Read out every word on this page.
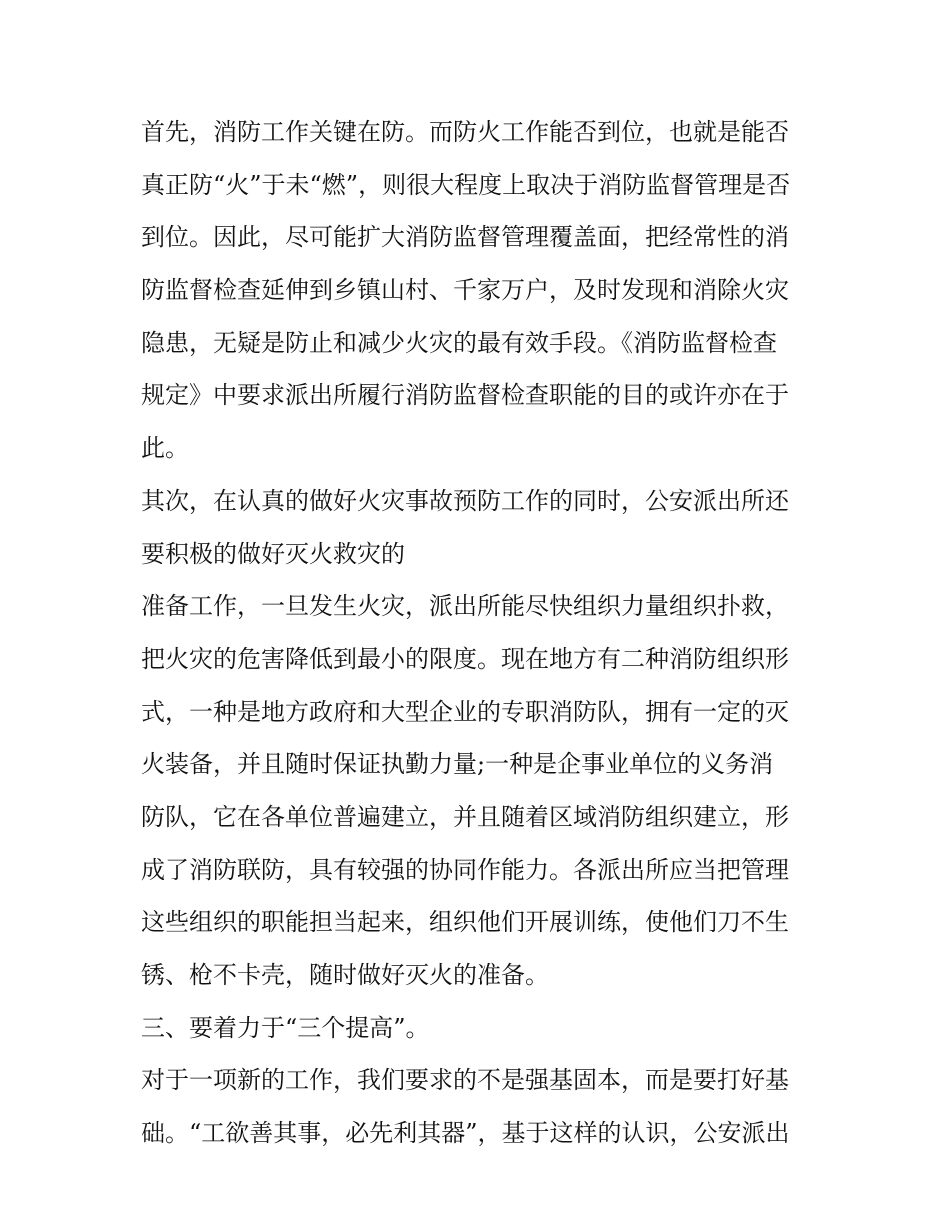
首先，消防工作关键在防。而防火工作能否到位，也就是能否
真正防“火”于未“燃”，则很大程度上取决于消防监督管理是否
到位。因此，尽可能扩大消防监督管理覆盖面，把经常性的消
防监督检查延伸到乡镇山村、千家万户，及时发现和消除火灾
隐患，无疑是防止和减少火灾的最有效手段。《消防监督检查
规定》中要求派出所履行消防监督检查职能的目的或许亦在于
此。
其次，在认真的做好火灾事故预防工作的同时，公安派出所还
要积极的做好灭火救灾的
准备工作，一旦发生火灾，派出所能尽快组织力量组织扑救，
把火灾的危害降低到最小的限度。现在地方有二种消防组织形
式，一种是地方政府和大型企业的专职消防队，拥有一定的灭
火装备，并且随时保证执勤力量;一种是企事业单位的义务消
防队，它在各单位普遍建立，并且随着区域消防组织建立，形
成了消防联防，具有较强的协同作能力。各派出所应当把管理
这些组织的职能担当起来，组织他们开展训练，使他们刀不生
锈、枪不卡壳，随时做好灭火的准备。
三、要着力于“三个提高”。
对于一项新的工作，我们要求的不是强基固本，而是要打好基
础。“工欲善其事，必先利其器”，基于这样的认识，公安派出
